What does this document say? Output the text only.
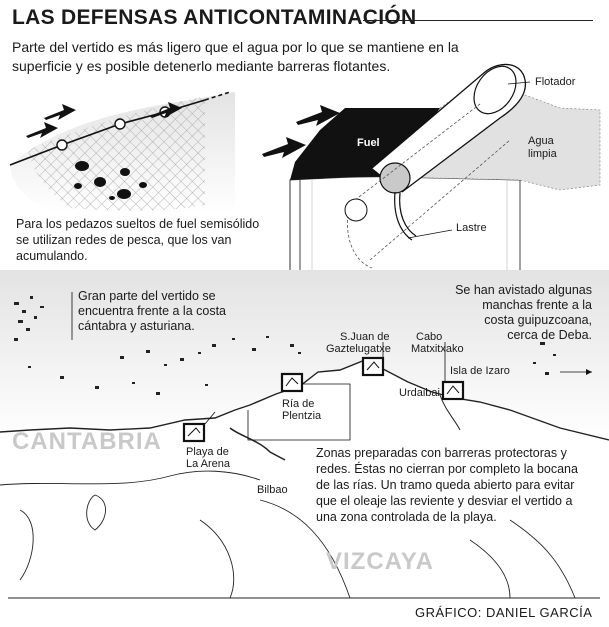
LAS DEFENSAS ANTICONTAMINACIÓN
Parte del vertido es más ligero que el agua por lo que se mantiene en la superficie y es posible detenerlo mediante barreras flotantes.
Para los pedazos sueltos de fuel semisólido
se utilizan redes de pesca, que los van
acumulando.
Fuel
Flotador
Agua
limpia
Lastre
Gran parte del vertido se
encuentra frente a la costa
cántabra y asturiana.
Se han avistado algunas
manchas frente a la
costa guipuzcoana,
cerca de Deba.
S.Juan de
Gaztelugatxe
Cabo
Matxitxako
Isla de Izaro
Urdaibai
Ría de
Plentzia
Playa de
La Arena
Bilbao
CANTABRIA
VIZCAYA
Zonas preparadas con barreras protectoras y
redes. Éstas no cierran por completo la bocana
de las rías. Un tramo queda abierto para evitar
que el oleaje las reviente y desviar el vertido a
una zona controlada de la playa.
GRÁFICO: DANIEL GARCÍA
